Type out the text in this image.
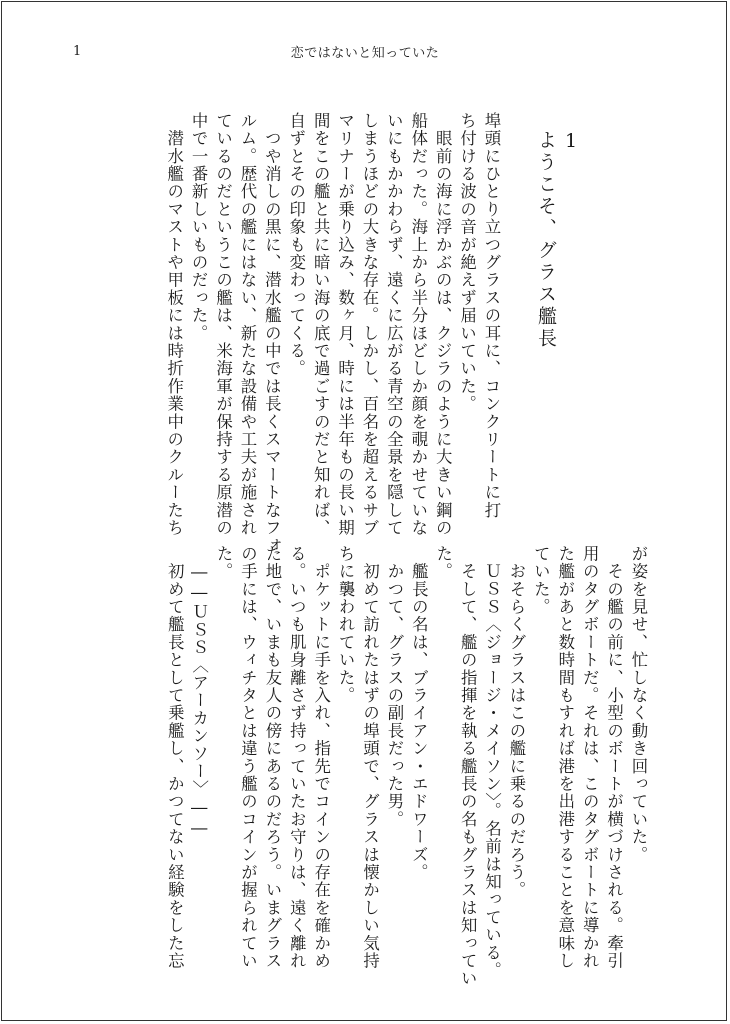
1	恋ではないと知っていた
1
ようこそ、グラス艦長

埠頭にひとり立つグラスの耳に、コンクリートに打

ち付ける波の音が絶えず届いていた。

　眼前の海に浮かぶのは、クジラのように大きい鋼の

船体だった。海上から半分ほどしか顔を覗かせていな

いにもかかわらず、遠くに広がる青空の全景を隠して

しまうほどの大きな存在。しかし、百名を超えるサブ

マリナーが乗り込み、数ヶ月、時には半年もの長い期

間をこの艦と共に暗い海の底で過ごすのだと知れば、

自ずとその印象も変わってくる。

　つや消しの黒に、潜水艦の中では長くスマートなフォ

ルム。歴代の艦にはない、新たな設備や工夫が施され

ているのだというこの艦は、米海軍が保持する原潜の

中で一番新しいものだった。

　潜水艦のマストや甲板には時折作業中のクルーたち

が姿を見せ、忙しなく動き回っていた。

　その艦の前に、小型のボートが横づけされる。牽引

用のタグボートだ。それは、このタグボートに導かれ

た艦があと数時間もすれば港を出港することを意味し

ていた。

　おそらくグラスはこの艦に乗るのだろう。

　ＵＳＳ〈ジョージ・メイソン〉。名前は知っている。

　そして、艦の指揮を執る艦長の名もグラスは知ってい

た。

　艦長の名は、ブライアン・エドワーズ。

　かつて、グラスの副長だった男。

　初めて訪れたはずの埠頭で、グラスは懐かしい気持

ちに襲われていた。

　ポケットに手を入れ、指先でコインの存在を確かめ

る。いつも肌身離さず持っていたお守りは、遠く離れ

た地で、いまも友人の傍にあるのだろう。いまグラス

の手には、ウィチタとは違う艦のコインが握られてい

た。

　――ＵＳＳ〈アーカンソー〉――

　初めて艦長として乗艦し、かつてない経験をした忘
